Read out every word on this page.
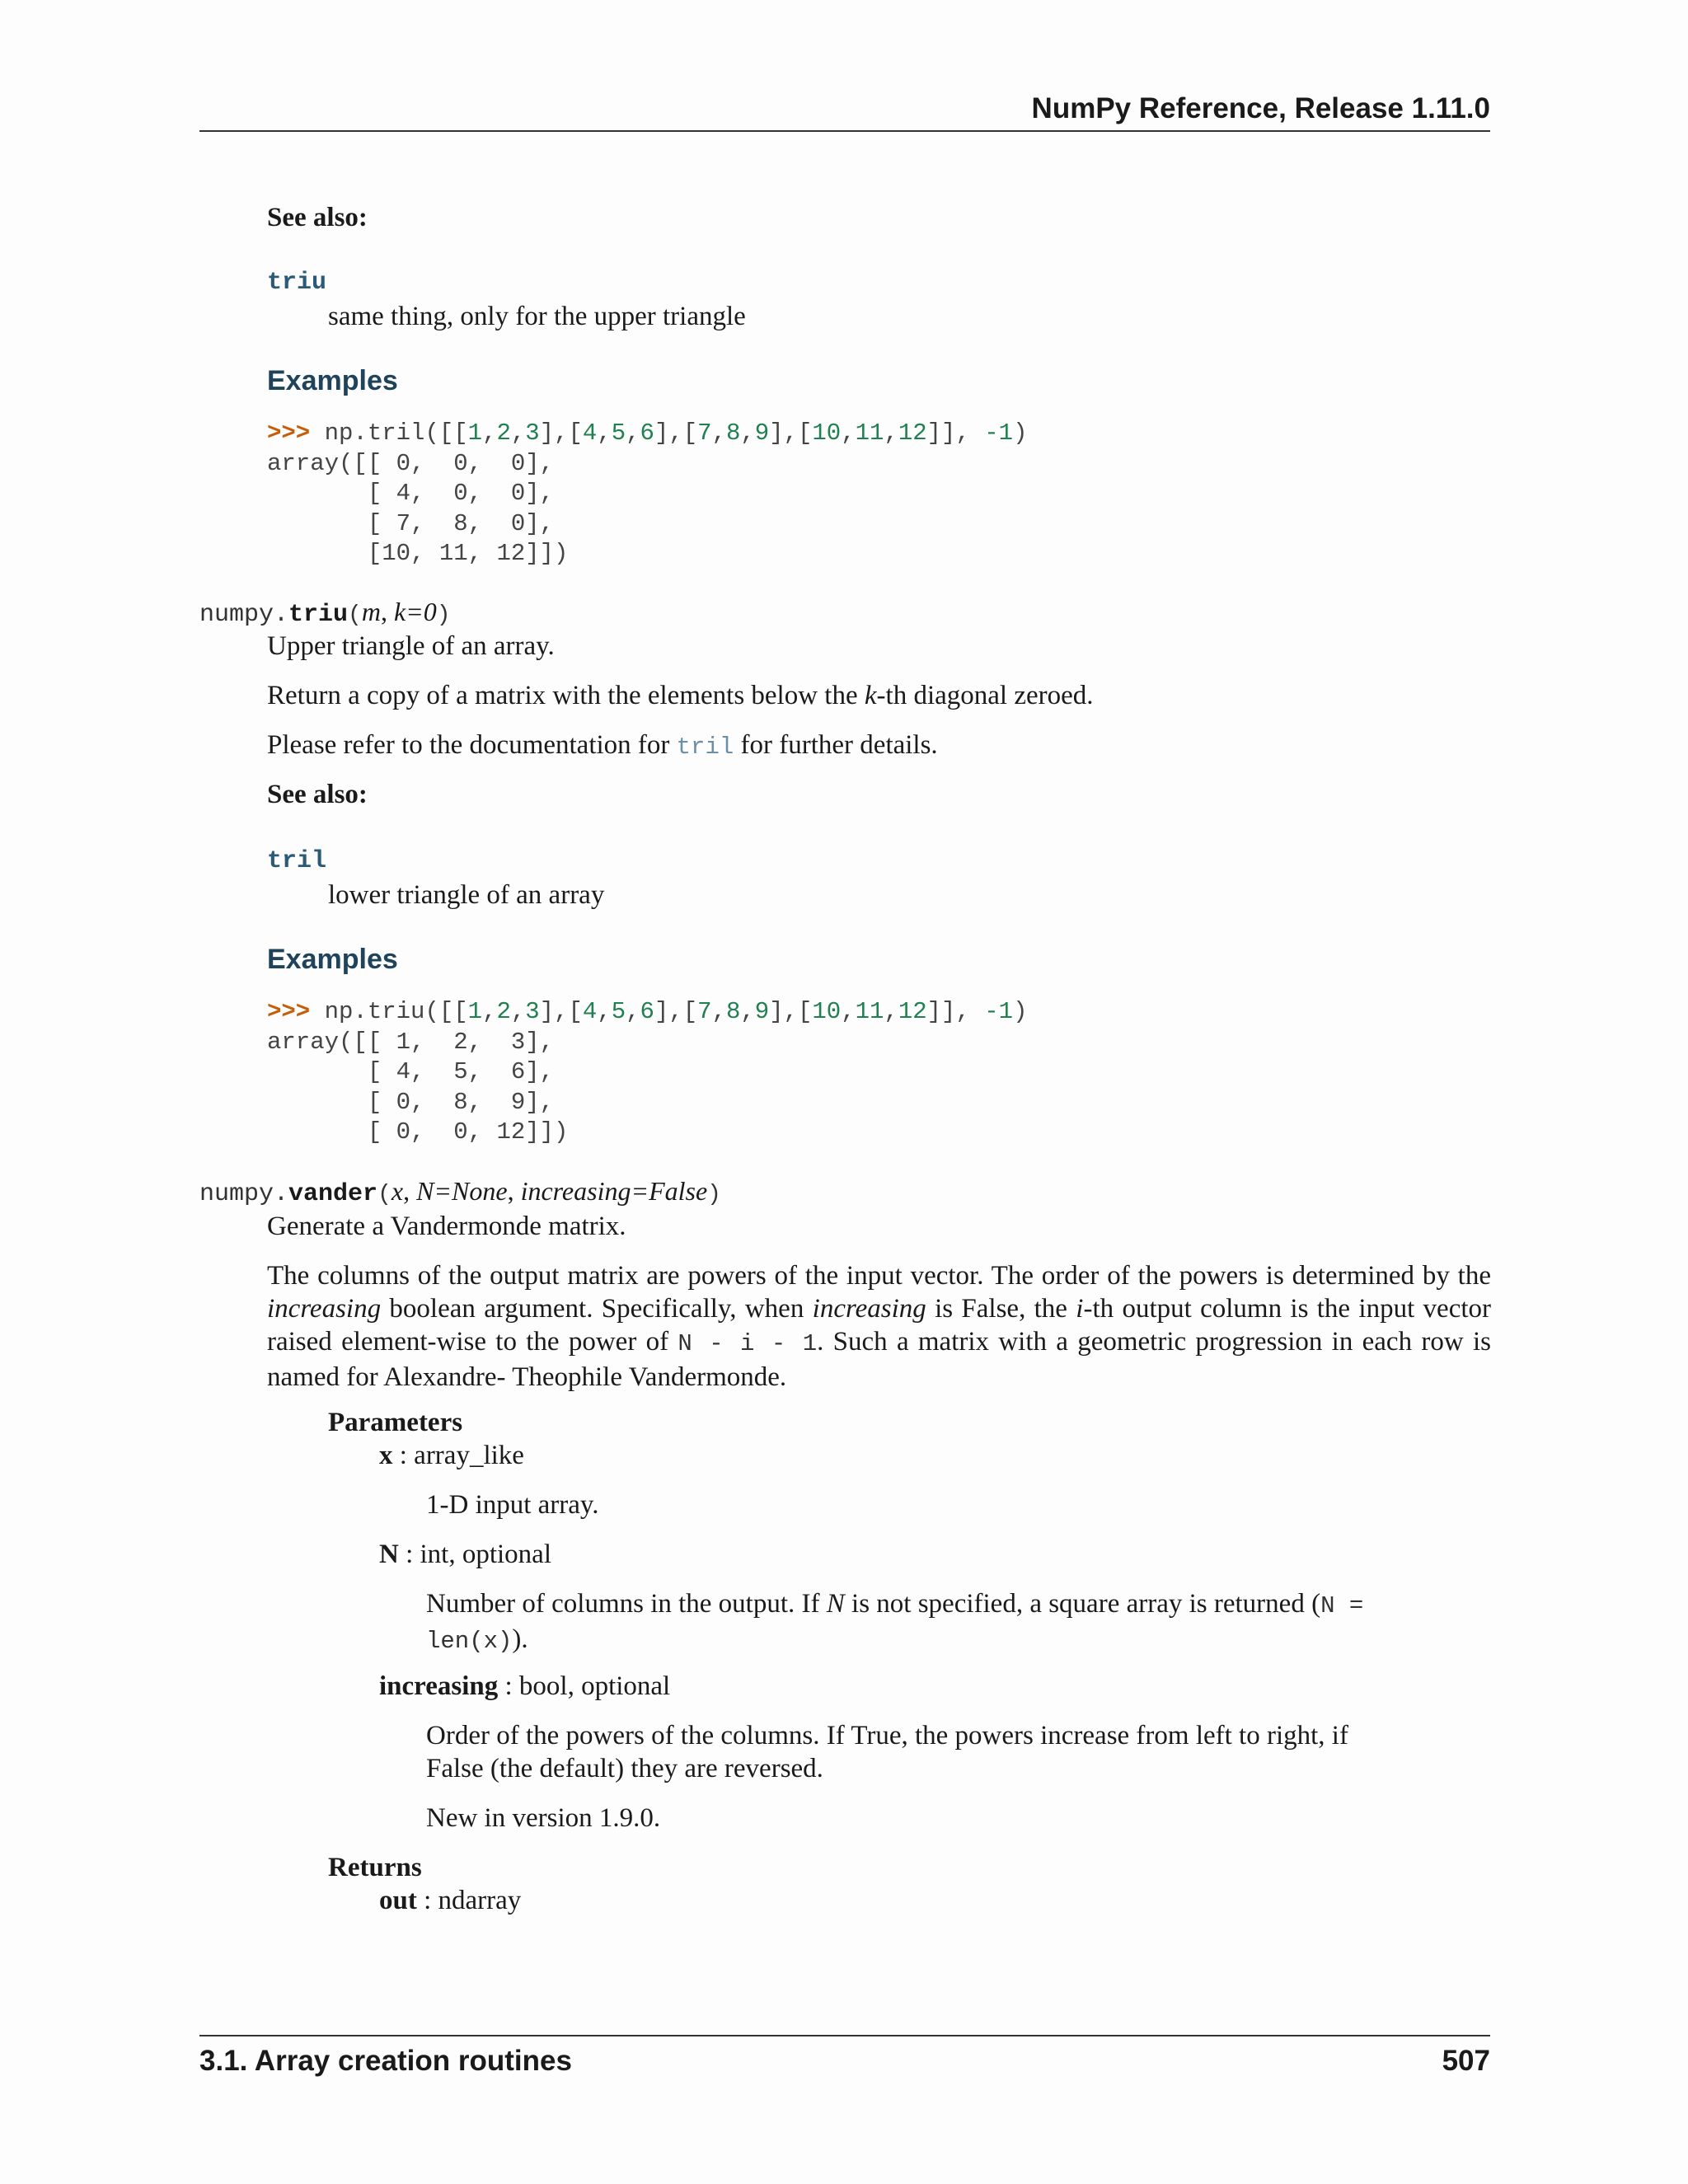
NumPy Reference, Release 1.11.0
See also:
triu
same thing, only for the upper triangle
Examples
>>> np.tril([[1,2,3],[4,5,6],[7,8,9],[10,11,12]], -1)
array([[ 0,  0,  0],
[ 4,  0,  0],
[ 7,  8,  0],
[10, 11, 12]])
numpy.triu(m, k=0)
Upper triangle of an array.
Return a copy of a matrix with the elements below the k-th diagonal zeroed.
Please refer to the documentation for tril for further details.
See also:
tril
lower triangle of an array
Examples
>>> np.triu([[1,2,3],[4,5,6],[7,8,9],[10,11,12]], -1)
array([[ 1,  2,  3],
[ 4,  5,  6],
[ 0,  8,  9],
[ 0,  0, 12]])
numpy.vander(x, N=None, increasing=False)
Generate a Vandermonde matrix.
The columns of the output matrix are powers of the input vector. The order of the powers is determined by the increasing boolean argument. Specifically, when increasing is False, the i-th output column is the input vector raised element-wise to the power of N - i - 1. Such a matrix with a geometric progression in each row is named for Alexandre- Theophile Vandermonde.
Parameters
x : array_like
1-D input array.
N : int, optional
Number of columns in the output. If N is not specified, a square array is returned (N =
len(x)).
increasing : bool, optional
Order of the powers of the columns. If True, the powers increase from left to right, if False (the default) they are reversed.
New in version 1.9.0.
Returns
out : ndarray
3.1. Array creation routines	507
